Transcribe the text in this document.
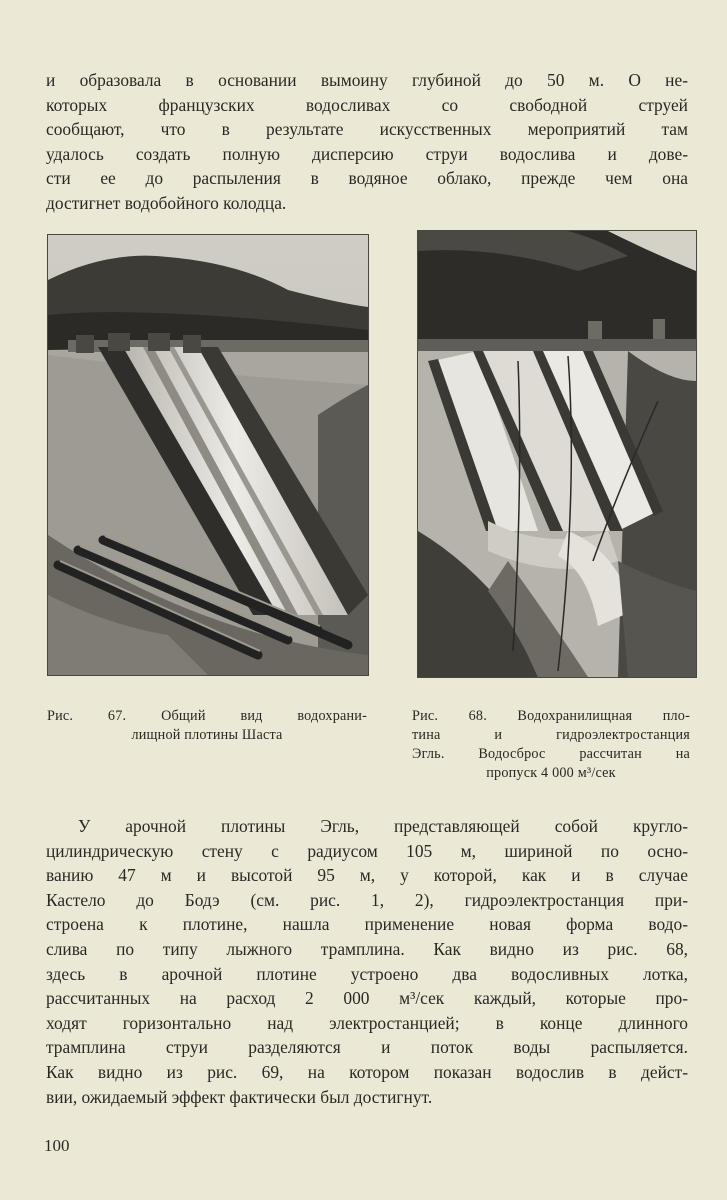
и образовала в основании вымоину глубиной до 50 м. О не-
которых французских водосливах со свободной струей
сообщают, что в результате искусственных мероприятий там
удалось создать полную дисперсию струи водослива и дове-
сти ее до распыления в водяное облако, прежде чем она
достигнет водобойного колодца.

Рис. 67. Общий вид водохрани-
лищной плотины Шаста

Рис. 68. Водохранилищная пло-
тина и гидроэлектростанция
Эгль. Водосброс рассчитан на
пропуск 4 000 м³/сек

У арочной плотины Эгль, представляющей собой кругло-
цилиндрическую стену с радиусом 105 м, шириной по осно-
ванию 47 м и высотой 95 м, у которой, как и в случае
Кастело до Бодэ (см. рис. 1, 2), гидроэлектростанция при-
строена к плотине, нашла применение новая форма водо-
слива по типу лыжного трамплина. Как видно из рис. 68,
здесь в арочной плотине устроено два водосливных лотка,
рассчитанных на расход 2 000 м³/сек каждый, которые про-
ходят горизонтально над электростанцией; в конце длинного
трамплина струи разделяются и поток воды распыляется.
Как видно из рис. 69, на котором показан водослив в дейст-
вии, ожидаемый эффект фактически был достигнут.

100
